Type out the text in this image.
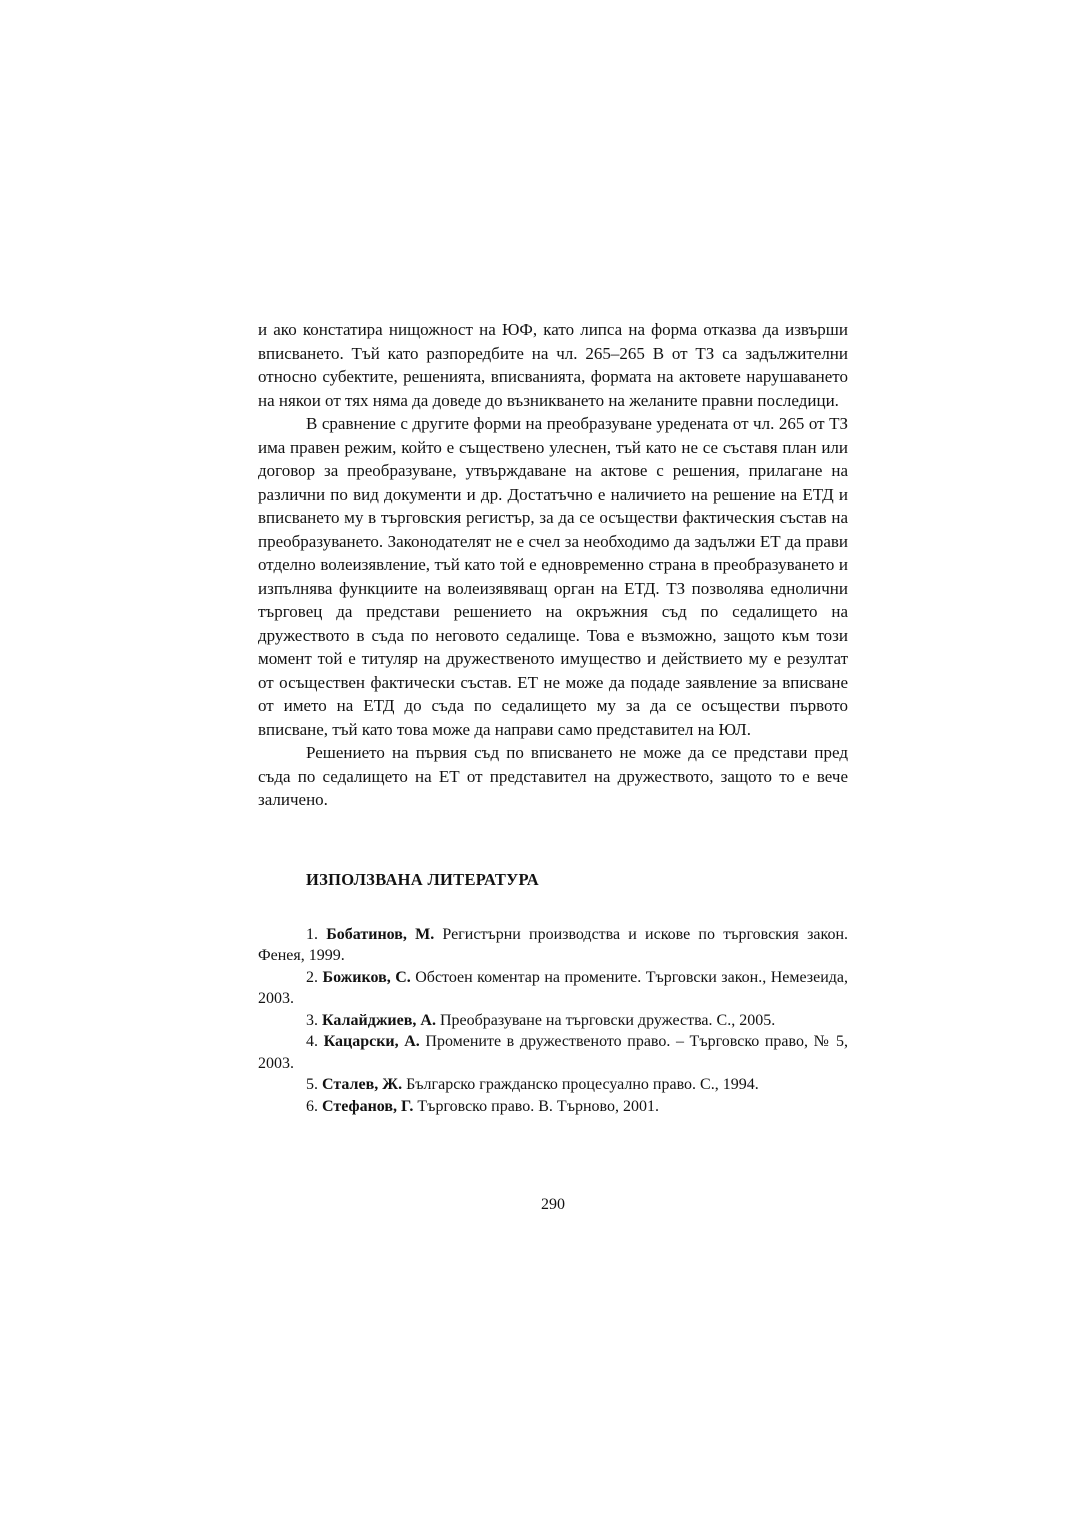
и ако констатира нищожност на ЮФ, като липса на форма отказва да извърши вписването. Тъй като разпоредбите на чл. 265–265 В от ТЗ са задължителни относно субектите, решенията, вписванията, формата на актовете нарушаването на някои от тях няма да доведе до възникването на желаните правни последици.

В сравнение с другите форми на преобразуване уредената от чл. 265 от ТЗ има правен режим, който е съществено улеснен, тъй като не се съставя план или договор за преобразуване, утвърждаване на актове с решения, прилагане на различни по вид документи и др. Достатъчно е наличието на решение на ЕТД и вписването му в търговския регистър, за да се осъществи фактическия състав на преобразуването. Законодателят не е счел за необходимо да задължи ЕТ да прави отделно волеизявление, тъй като той е едновременно страна в преобразуването и изпълнява функциите на волеизявяващ орган на ЕТД. ТЗ позволява еднолични търговец да представи решението на окръжния съд по седалището на дружеството в съда по неговото седалище. Това е възможно, защото към този момент той е титуляр на дружественото имущество и действието му е резултат от осъществен фактически състав. ЕТ не може да подаде заявление за вписване от името на ЕТД до съда по седалището му за да се осъществи първото вписване, тъй като това може да направи само представител на ЮЛ.

Решението на първия съд по вписването не може да се представи пред съда по седалището на ЕТ от представител на дружеството, защото то е вече заличено.

ИЗПОЛЗВАНА ЛИТЕРАТУРА

1. Бобатинов, М. Регистърни производства и искове по търговския закон. Фенея, 1999.

2. Божиков, С. Обстоен коментар на промените. Търговски закон., Немезеида, 2003.

3. Калайджиев, А. Преобразуване на търговски дружества. С., 2005.

4. Кацарски, А. Промените в дружественото право. – Търговско право, № 5, 2003.

5. Сталев, Ж. Българско гражданско процесуално право. С., 1994.

6. Стефанов, Г. Търговско право. В. Търново, 2001.

290
